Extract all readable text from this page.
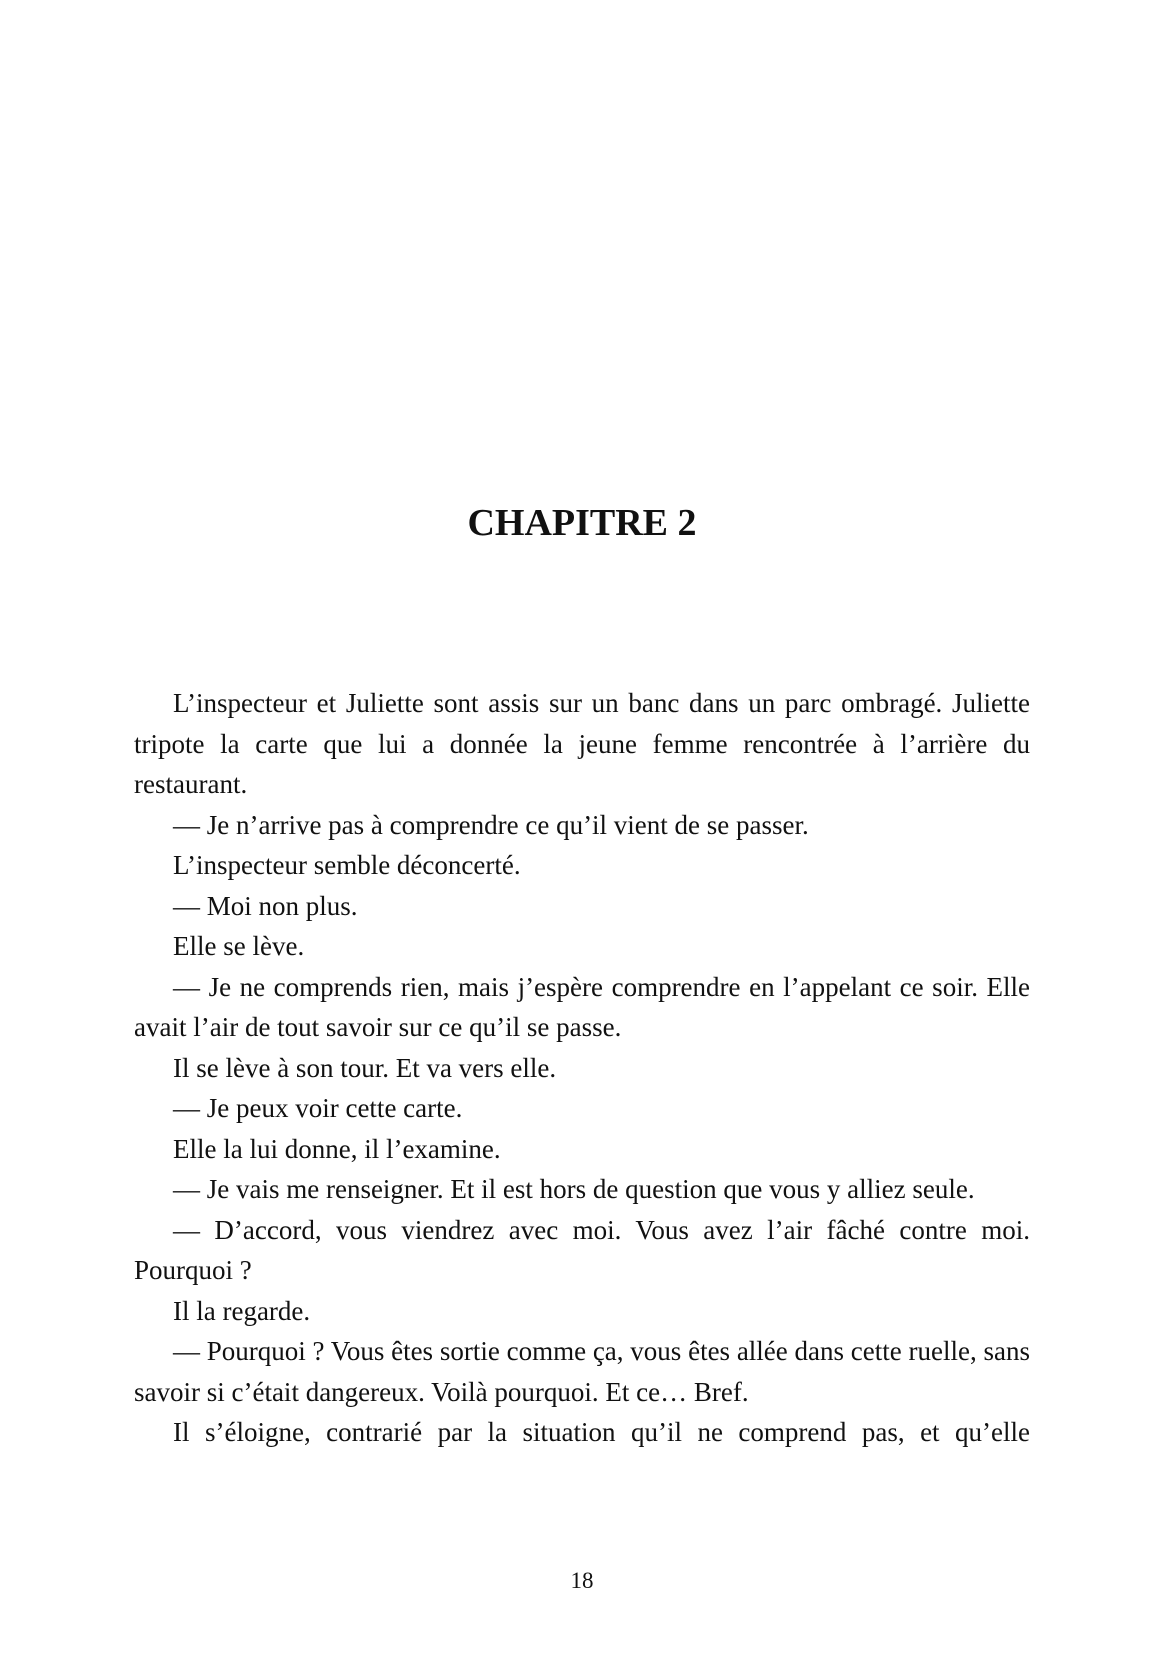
CHAPITRE 2

L’inspecteur et Juliette sont assis sur un banc dans un parc ombragé. Juliette tripote la carte que lui a donnée la jeune femme rencontrée à l’arrière du restaurant.

— Je n’arrive pas à comprendre ce qu’il vient de se passer.

L’inspecteur semble déconcerté.

— Moi non plus.

Elle se lève.

— Je ne comprends rien, mais j’espère comprendre en l’appelant ce soir. Elle avait l’air de tout savoir sur ce qu’il se passe.

Il se lève à son tour. Et va vers elle.

— Je peux voir cette carte.

Elle la lui donne, il l’examine.

— Je vais me renseigner. Et il est hors de question que vous y alliez seule.

— D’accord, vous viendrez avec moi. Vous avez l’air fâché contre moi. Pourquoi ?

Il la regarde.

— Pourquoi ? Vous êtes sortie comme ça, vous êtes allée dans cette ruelle, sans savoir si c’était dangereux. Voilà pourquoi. Et ce… Bref.

Il s’éloigne, contrarié par la situation qu’il ne comprend pas, et qu’elle

18
